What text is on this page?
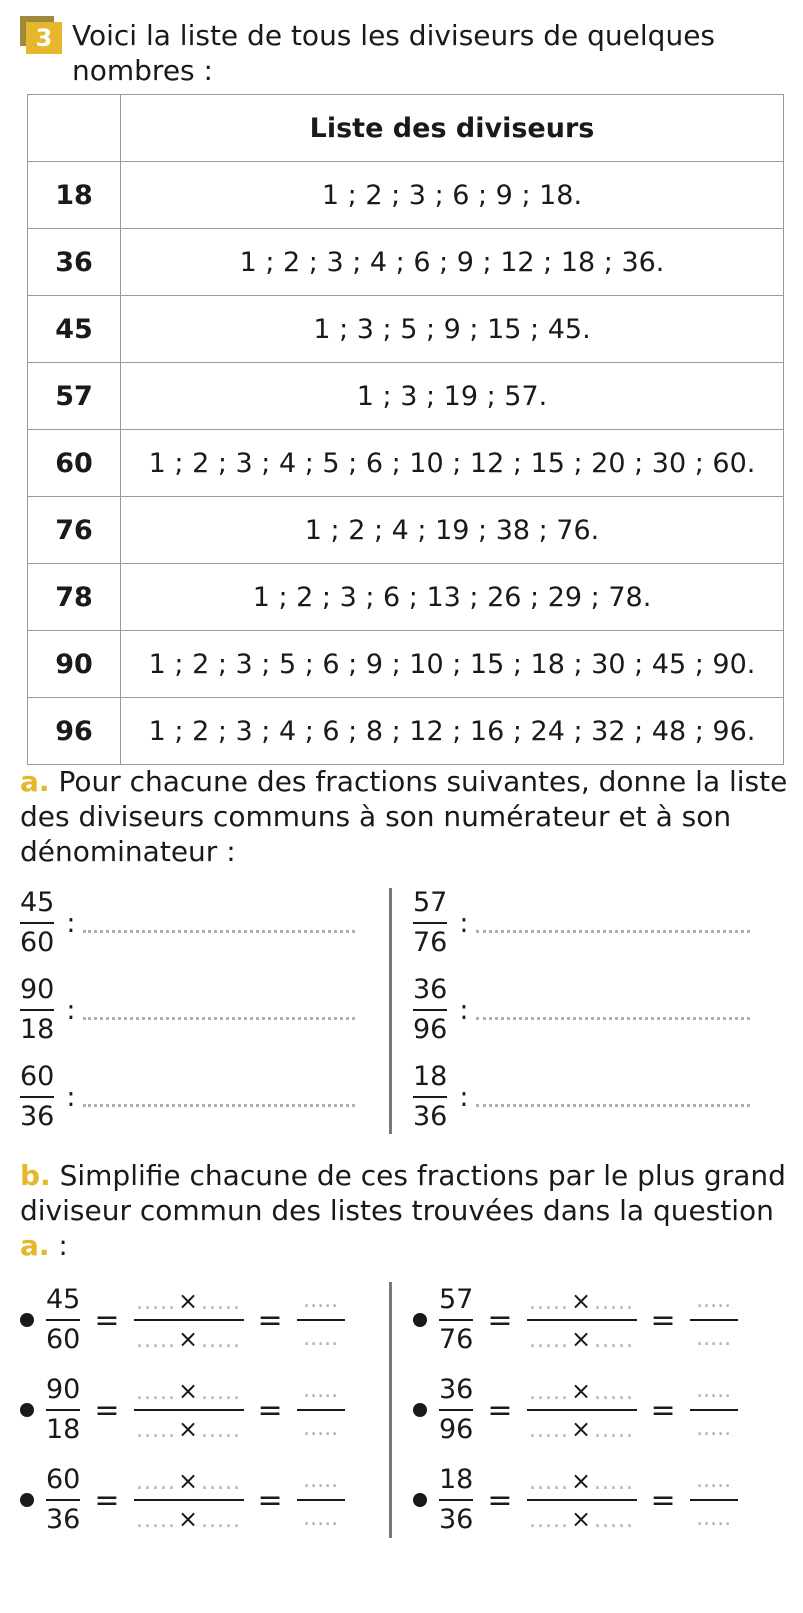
3 Voici la liste de tous les diviseurs de quelques nombres :
	Liste des diviseurs
18	1 ; 2 ; 3 ; 6 ; 9 ; 18.
36	1 ; 2 ; 3 ; 4 ; 6 ; 9 ; 12 ; 18 ; 36.
45	1 ; 3 ; 5 ; 9 ; 15 ; 45.
57	1 ; 3 ; 19 ; 57.
60	1 ; 2 ; 3 ; 4 ; 5 ; 6 ; 10 ; 12 ; 15 ; 20 ; 30 ; 60.
76	1 ; 2 ; 4 ; 19 ; 38 ; 76.
78	1 ; 2 ; 3 ; 6 ; 13 ; 26 ; 29 ; 78.
90	1 ; 2 ; 3 ; 5 ; 6 ; 9 ; 10 ; 15 ; 18 ; 30 ; 45 ; 90.
96	1 ; 2 ; 3 ; 4 ; 6 ; 8 ; 12 ; 16 ; 24 ; 32 ; 48 ; 96.
a. Pour chacune des fractions suivantes, donne la liste des diviseurs communs à son numérateur et à son dénominateur :
$\frac{45}{60}$ :
$\frac{90}{18}$ :
$\frac{60}{36}$ :
$\frac{57}{76}$ :
$\frac{36}{96}$ :
$\frac{18}{36}$ :
b. Simplifie chacune de ces fractions par le plus grand diviseur commun des listes trouvées dans la question a. :
$\frac{45}{60}$ = .....×.....
.....×.....
=
.....
.....
$\frac{90}{18}$ = .....×.....
.....×.....
=
.....
.....
$\frac{60}{36}$ = .....×.....
.....×.....
=
.....
.....
$\frac{57}{76}$ = .....×.....
.....×.....
=
.....
.....
$\frac{36}{96}$ = .....×.....
.....×.....
=
.....
.....
$\frac{18}{36}$ = .....×.....
.....×.....
=
.....
.....
